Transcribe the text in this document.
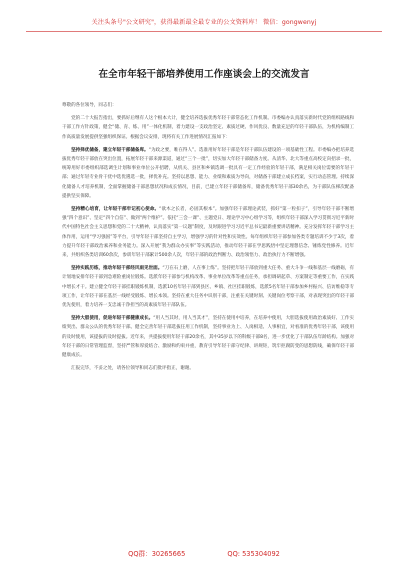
关注头条号"公文研究"，获得最新最全最专业的公文资料库！ 微信：gongwenyj
在全市年轻干部培养使用工作座谈会上的交流发言

尊敬的各位领导，同志们：

党的二十大报告指出，要抓好后继有人这个根本大计，健全培养选拔优秀年轻干部常态化工作机制。市委编办认真落实新时代党的组织路线和干部工作方针政策，健全“储、育、练、用”一体化机制，着力建设一支政治坚定、素质过硬、作风优良、数量充足的年轻干部队伍，为机构编制工作高质量发展提供坚强组织保证。根据会议安排，现将有关工作进展情况汇报如下：

坚持择优储备，建立年轻干部储备库。“为政之要，唯在得人”。选准用好年轻干部是年轻干部队伍建设的一项基础性工程。市委编办把培养选拔优秀年轻干部放在突出位置，拓展年轻干部来源渠道，通过“三个一批”，切实加大年轻干部储备力度。从清华、北大等重点高校定向招录一批，统筹用好市委组织部选调生计划和事业单位公开招聘，从机关、县区和乡镇选调一批具有一定工作经验的年轻干部，满足相关岗位需要的年轻干部；通过年轻专业骨干优中选优遴选一批，择优补充。坚持以思想、能力、业绩和素质为导向，对储备干部建立成长档案，实行动态管理。持续深化储备人才培养机制，全面掌握储备干部思想状况和成长情况，目前，已建立年轻干部储备库，储备优秀年轻干部30余名，为干部队伍梯次配备提供坚实保障。

坚持精心培育，让年轻干部牢记初心使命。“欲木之长者，必固其根本”。加强年轻干部理论武装，抓好“第一粒扣子”，引导年轻干部不断增强“四个意识”、坚定“四个自信”、做到“两个维护”。依托“三会一课”、主题党日、理论学习中心组学习等，组织年轻干部深入学习贯彻习近平新时代中国特色社会主义思想和党的二十大精神，认真落实“第一议题”制度，及时跟进学习习近平总书记最新重要讲话精神。充分发挥年轻干部学习主体作用，运用“学习强国”等平台，引导年轻干部坚持自主学习，增强学习的针对性和实效性。每年组织年轻干部参加各类专题培训不少于3次，着力提升年轻干部政治素养和业务能力。深入开展“我为群众办实事”等实践活动，推动年轻干部在学思践悟中坚定理想信念、锤炼党性修养。近年来，共组织各类培训60余次，参训年轻干部累计500余人次，年轻干部的政治判断力、政治领悟力、政治执行力不断增强。

坚持实践历练，推动年轻干部经风雨见世面。“刀在石上磨，人在事上练”。坚持把年轻干部放到重大任务、重大斗争一线和基层一线磨砺，有计划地安排年轻干部到急难险重岗位锻炼。选派年轻干部参与机构改革、事业单位改革等重点任务，承担调研起草、方案制定等重要工作，在实践中增长才干。建立健全年轻干部挂职锻炼机制，选派10名年轻干部到县区、乡镇、社区挂职锻炼，选派5名年轻干部参加乡村振兴、信访维稳等专项工作，让年轻干部在基层一线经受锻炼、增长本领。坚持在重大任务中识别干部，注重在关键时刻、关键岗位考察干部，对表现突出的年轻干部优先使用，着力培养一支忠诚干净担当的高素质年轻干部队伍。

坚持大胆使用，促进年轻干部健康成长。“用人当其时，用人当其才”，坚持在使用中培养，在培养中使用，大胆选拔使用政治素质好、工作实绩突出、群众公认的优秀年轻干部。健全完善年轻干部选拔任用工作机制，坚持事业为上、人岗相适、人事相宜，对看准的优秀年轻干部，该使用的及时使用，该提拔的及时提拔。近年来，共提拔使用年轻干部20余名，其中35岁以下的科级干部8名，进一步优化了干部队伍年龄结构。加强对年轻干部的日常管理监督，坚持严管和厚爱结合、激励和约束并重，教育引导年轻干部守纪律、讲规矩，筑牢拒腐防变的思想防线，确保年轻干部健康成长。

汇报完毕，不妥之处，请各位领导和同志们批评指正，谢谢。

QQ群：30265665	QQ: 535304092
